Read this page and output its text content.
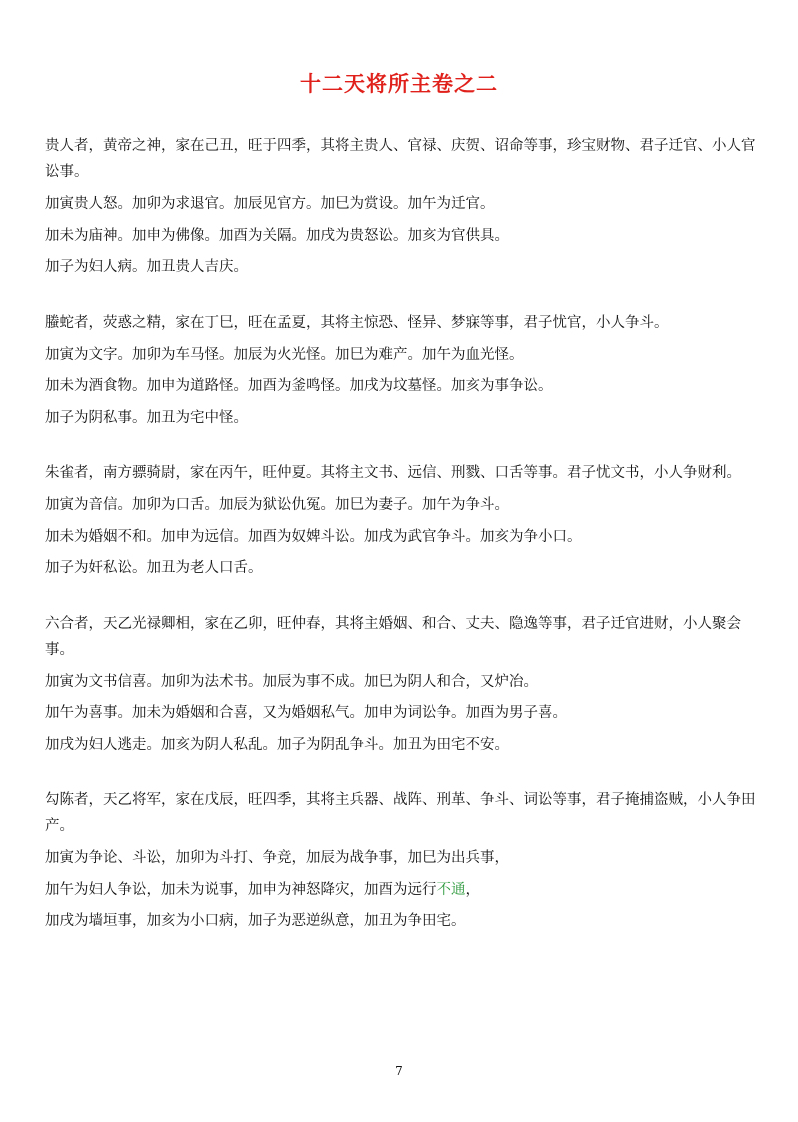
十二天将所主卷之二
贵人者，黄帝之神，家在己丑，旺于四季，其将主贵人、官禄、庆贺、诏命等事，珍宝财物、君子迁官、小人官讼事。
加寅贵人怒。加卯为求退官。加辰见官方。加巳为赏设。加午为迁官。
加未为庙神。加申为佛像。加酉为关隔。加戌为贵怒讼。加亥为官供具。
加子为妇人病。加丑贵人吉庆。
螣蛇者，荧惑之精，家在丁巳，旺在孟夏，其将主惊恐、怪异、梦寐等事，君子忧官，小人争斗。
加寅为文字。加卯为车马怪。加辰为火光怪。加巳为难产。加午为血光怪。
加未为酒食物。加申为道路怪。加酉为釜鸣怪。加戌为坟墓怪。加亥为事争讼。
加子为阴私事。加丑为宅中怪。
朱雀者，南方骠骑尉，家在丙午，旺仲夏。其将主文书、远信、刑戮、口舌等事。君子忧文书，小人争财利。
加寅为音信。加卯为口舌。加辰为狱讼仇冤。加巳为妻子。加午为争斗。
加未为婚姻不和。加申为远信。加酉为奴婢斗讼。加戌为武官争斗。加亥为争小口。
加子为奸私讼。加丑为老人口舌。
六合者，天乙光禄卿相，家在乙卯，旺仲春，其将主婚姻、和合、丈夫、隐逸等事，君子迁官进财，小人聚会事。
加寅为文书信喜。加卯为法术书。加辰为事不成。加巳为阴人和合，又炉冶。
加午为喜事。加未为婚姻和合喜，又为婚姻私气。加申为词讼争。加酉为男子喜。
加戌为妇人逃走。加亥为阴人私乱。加子为阴乱争斗。加丑为田宅不安。
勾陈者，天乙将军，家在戊辰，旺四季，其将主兵器、战阵、刑革、争斗、词讼等事，君子掩捕盗贼，小人争田产。
加寅为争论、斗讼，加卯为斗打、争竞，加辰为战争事，加巳为出兵事，
加午为妇人争讼，加未为说事，加申为神怒降灾，加酉为远行不通，
加戌为墙垣事，加亥为小口病，加子为恶逆纵意，加丑为争田宅。
7
